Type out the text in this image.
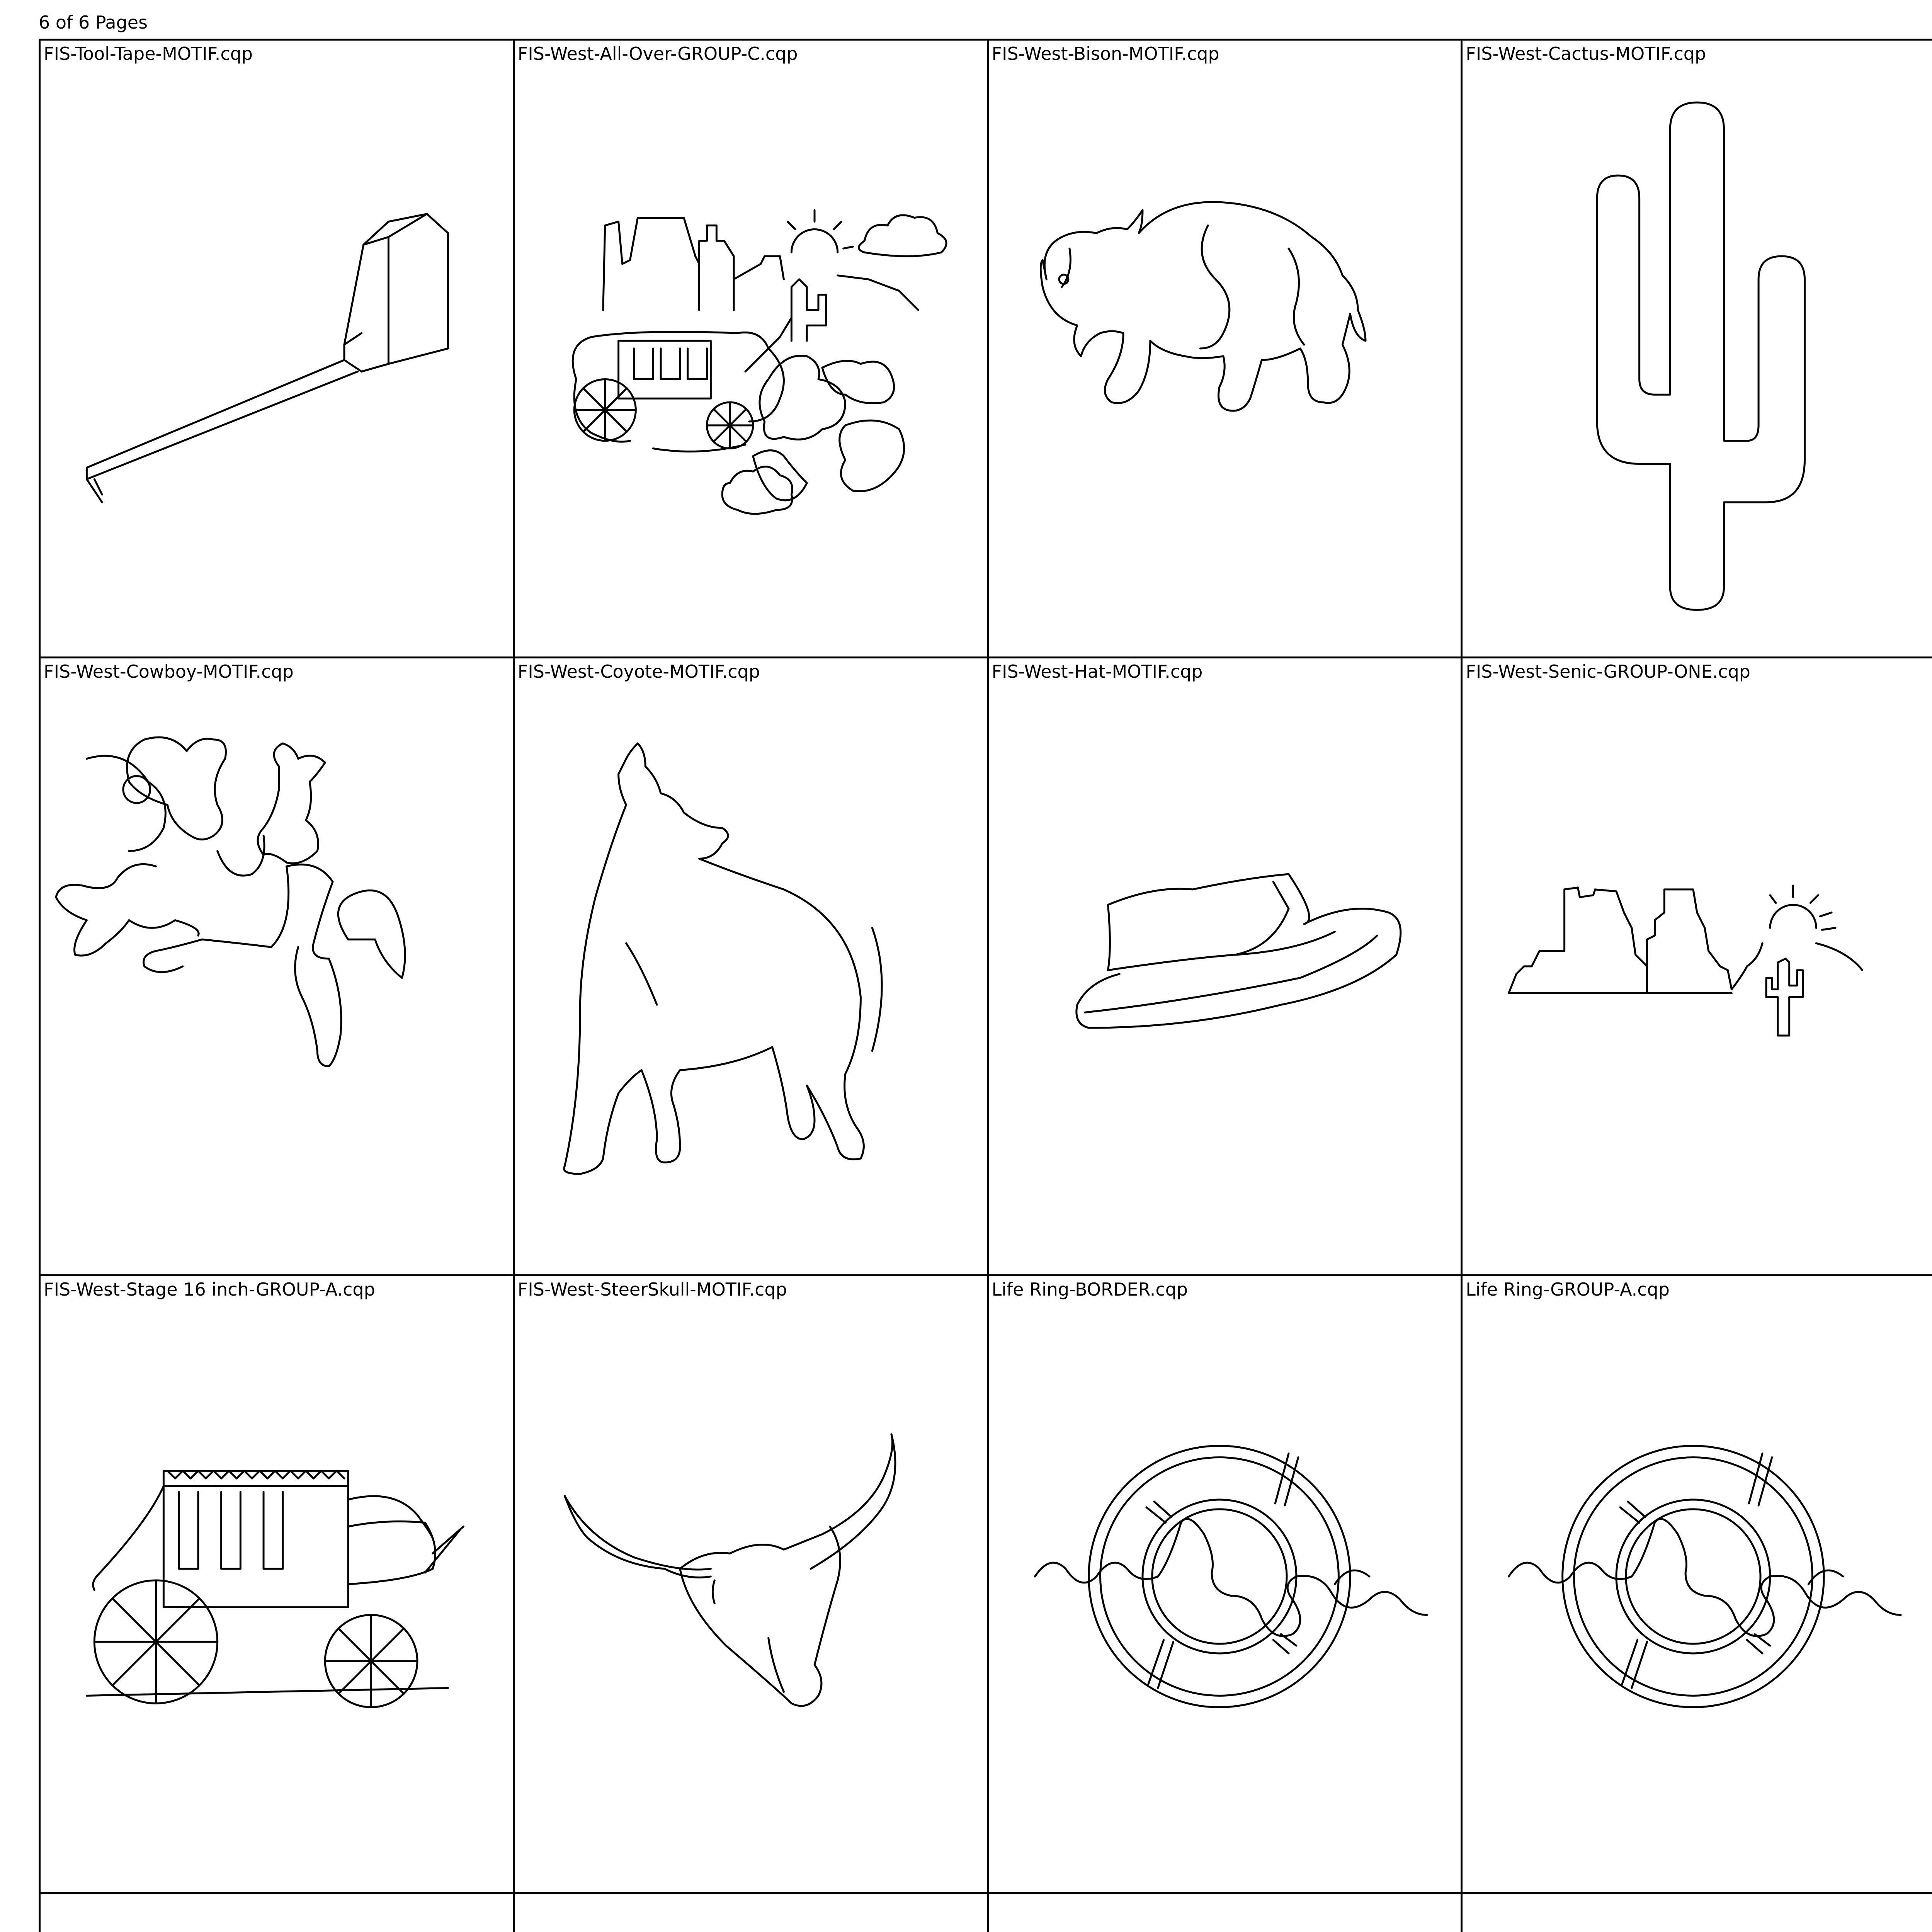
6 of 6 Pages
FIS-Tool-Tape-MOTIF.cqp	FIS-West-All-Over-GROUP-C.cqp	FIS-West-Bison-MOTIF.cqp	FIS-West-Cactus-MOTIF.cqp
FIS-West-Cowboy-MOTIF.cqp	FIS-West-Coyote-MOTIF.cqp	FIS-West-Hat-MOTIF.cqp	FIS-West-Senic-GROUP-ONE.cqp
FIS-West-Stage 16 inch-GROUP-A.cqp	FIS-West-SteerSkull-MOTIF.cqp	Life Ring-BORDER.cqp	Life Ring-GROUP-A.cqp
